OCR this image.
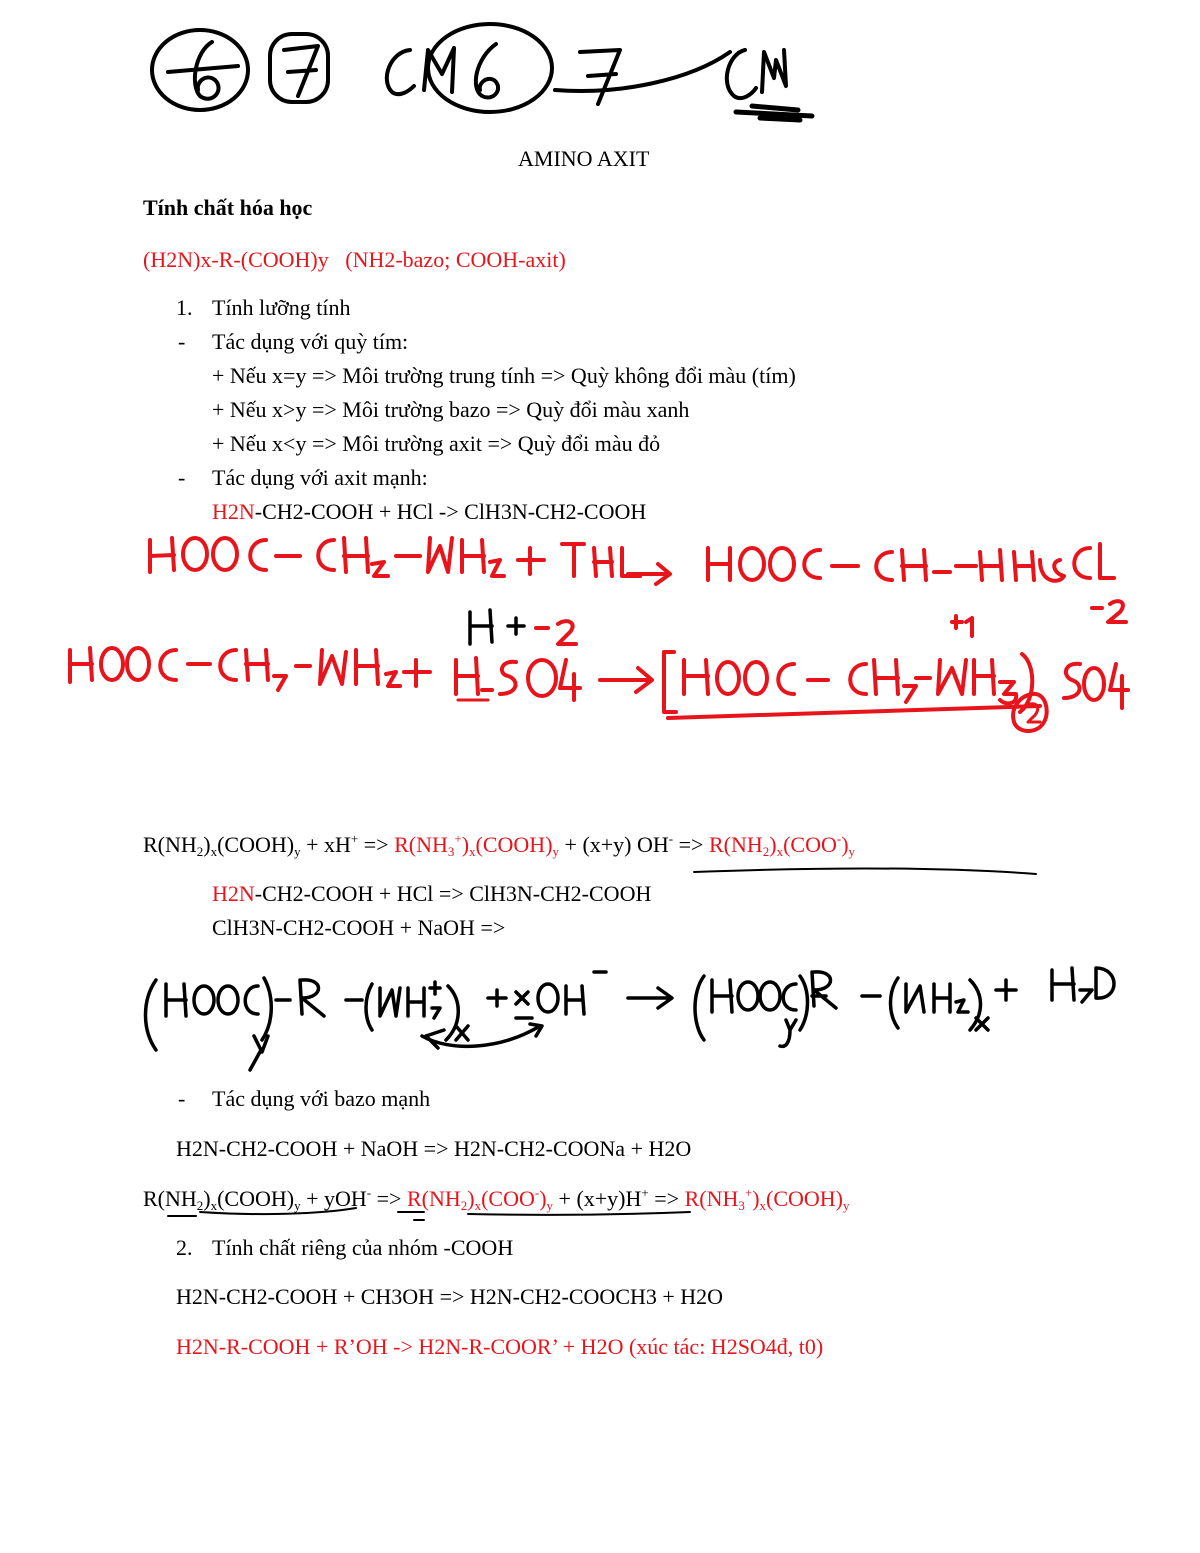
AMINO AXIT
Tính chất hóa học
(H2N)x-R-(COOH)y   (NH2-bazo; COOH-axit)
1. Tính lưỡng tính
- Tác dụng với quỳ tím:
+ Nếu x=y => Môi trường trung tính => Quỳ không đổi màu (tím)
+ Nếu x>y => Môi trường bazo => Quỳ đổi màu xanh
+ Nếu x<y => Môi trường axit => Quỳ đổi màu đỏ
- Tác dụng với axit mạnh:
H2N-CH2-COOH + HCl -> ClH3N-CH2-COOH
$R(NH_2)_x(COOH)_y + xH^+$ => $R(NH_3^+)_x(COOH)_y + (x+y) OH^- => R(NH_2)_x(COO^-)_y$
H2N-CH2-COOH + HCl => ClH3N-CH2-COOH
ClH3N-CH2-COOH + NaOH =>
- Tác dụng với bazo mạnh
H2N-CH2-COOH + NaOH => H2N-CH2-COONa + H2O
$R(NH_2)_x(COOH)_y + yOH^- => R(NH_2)_x(COO^-)_y + (x+y)H^+$ => $R(NH_3^+)_x(COOH)_y$
2. Tính chất riêng của nhóm -COOH
H2N-CH2-COOH + CH3OH => H2N-CH2-COOCH3 + H2O
H2N-R-COOH + R’OH -> H2N-R-COOR’ + H2O (xúc tác: H2SO4đ, t0)
